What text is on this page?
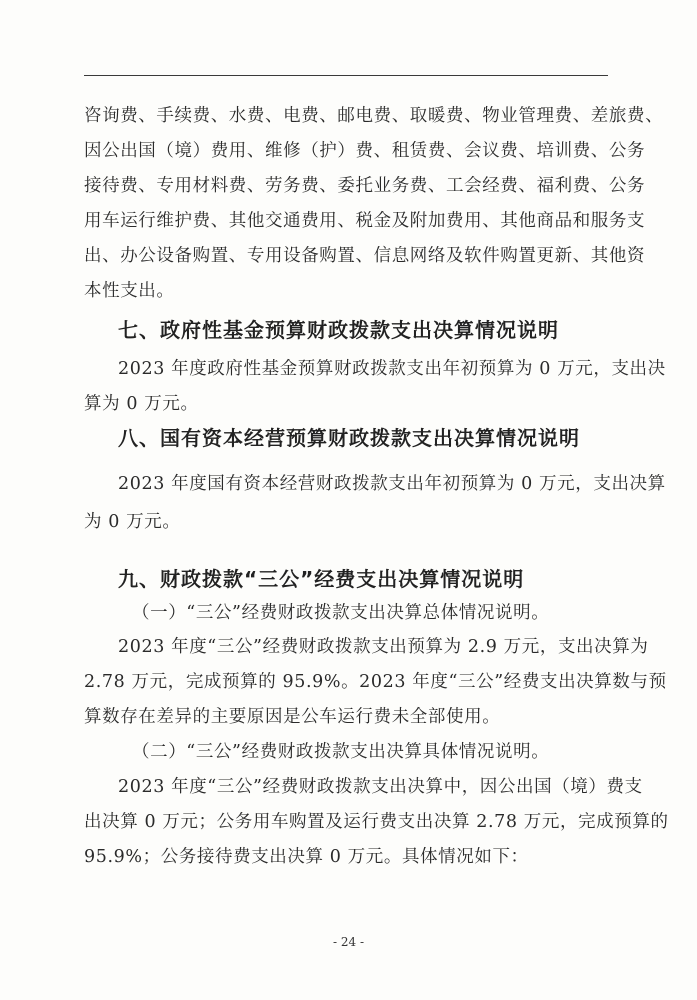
咨询费、手续费、水费、电费、邮电费、取暖费、物业管理费、差旅费、
因公出国（境）费用、维修（护）费、租赁费、会议费、培训费、公务
接待费、专用材料费、劳务费、委托业务费、工会经费、福利费、公务
用车运行维护费、其他交通费用、税金及附加费用、其他商品和服务支
出、办公设备购置、专用设备购置、信息网络及软件购置更新、其他资
本性支出。
七、政府性基金预算财政拨款支出决算情况说明
2023 年度政府性基金预算财政拨款支出年初预算为 0 万元，支出决
算为 0 万元。
八、国有资本经营预算财政拨款支出决算情况说明
2023 年度国有资本经营财政拨款支出年初预算为 0 万元，支出决算
为 0 万元。
九、财政拨款“三公”经费支出决算情况说明
（一）“三公”经费财政拨款支出决算总体情况说明。
2023 年度“三公”经费财政拨款支出预算为 2.9 万元，支出决算为
2.78 万元，完成预算的 95.9%。2023 年度“三公”经费支出决算数与预
算数存在差异的主要原因是公车运行费未全部使用。
（二）“三公”经费财政拨款支出决算具体情况说明。
2023 年度“三公”经费财政拨款支出决算中，因公出国（境）费支
出决算 0 万元；公务用车购置及运行费支出决算 2.78 万元，完成预算的
95.9%；公务接待费支出决算 0 万元。具体情况如下：
- 24 -
